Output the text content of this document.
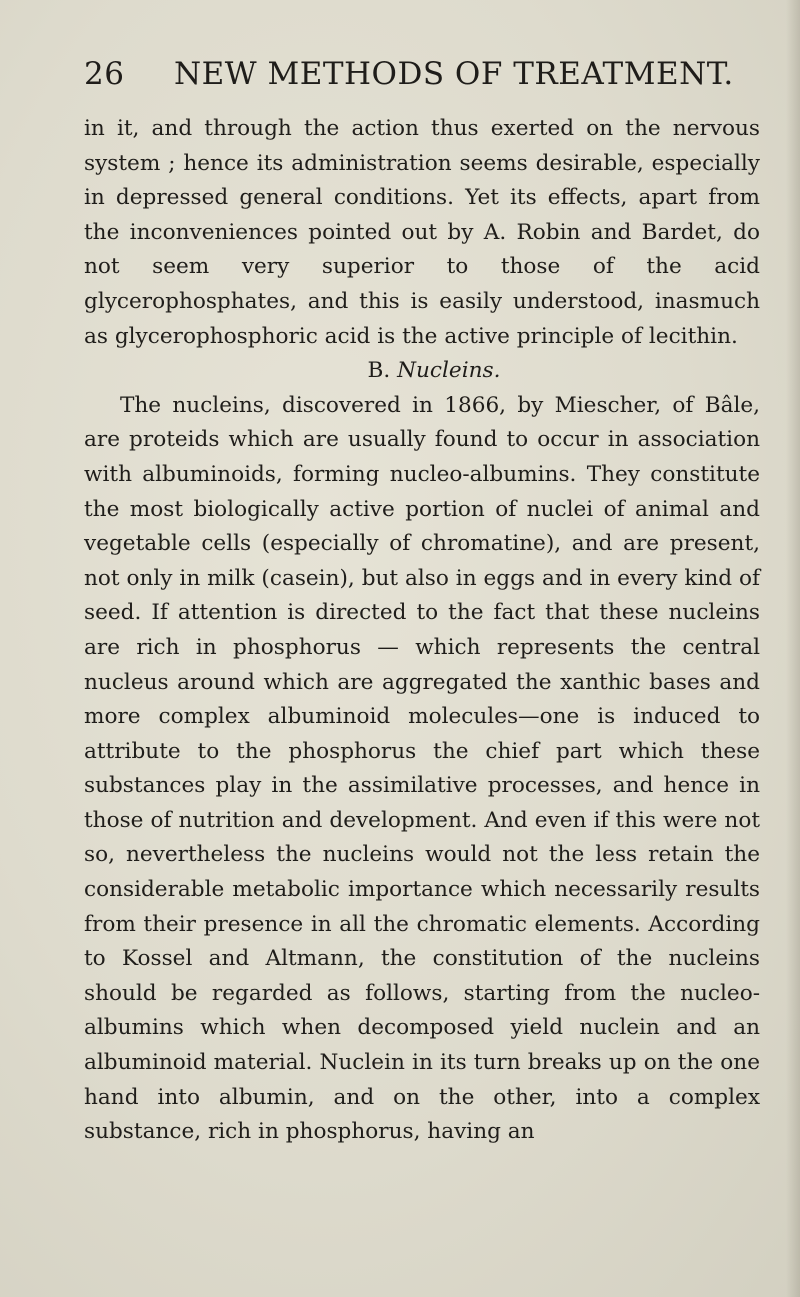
26 NEW METHODS OF TREATMENT.

in it, and through the action thus exerted on the nervous system ; hence its administration seems desirable, especially in depressed general conditions. Yet its effects, apart from the inconveniences pointed out by A. Robin and Bardet, do not seem very superior to those of the acid glycerophosphates, and this is easily understood, inasmuch as glycerophosphoric acid is the active principle of lecithin.

B. Nucleins.

The nucleins, discovered in 1866, by Miescher, of Bâle, are proteids which are usually found to occur in association with albuminoids, forming nucleo-albumins. They constitute the most biologically active portion of nuclei of animal and vegetable cells (especially of chromatine), and are present, not only in milk (casein), but also in eggs and in every kind of seed. If attention is directed to the fact that these nucleins are rich in phosphorus — which represents the central nucleus around which are aggregated the xanthic bases and more complex albuminoid molecules—one is induced to attribute to the phosphorus the chief part which these substances play in the assimilative processes, and hence in those of nutrition and development. And even if this were not so, nevertheless the nucleins would not the less retain the considerable metabolic importance which necessarily results from their presence in all the chromatic elements. According to Kossel and Altmann, the constitution of the nucleins should be regarded as follows, starting from the nucleo-albumins which when decomposed yield nuclein and an albuminoid material. Nuclein in its turn breaks up on the one hand into albumin, and on the other, into a complex substance, rich in phosphorus, having an
